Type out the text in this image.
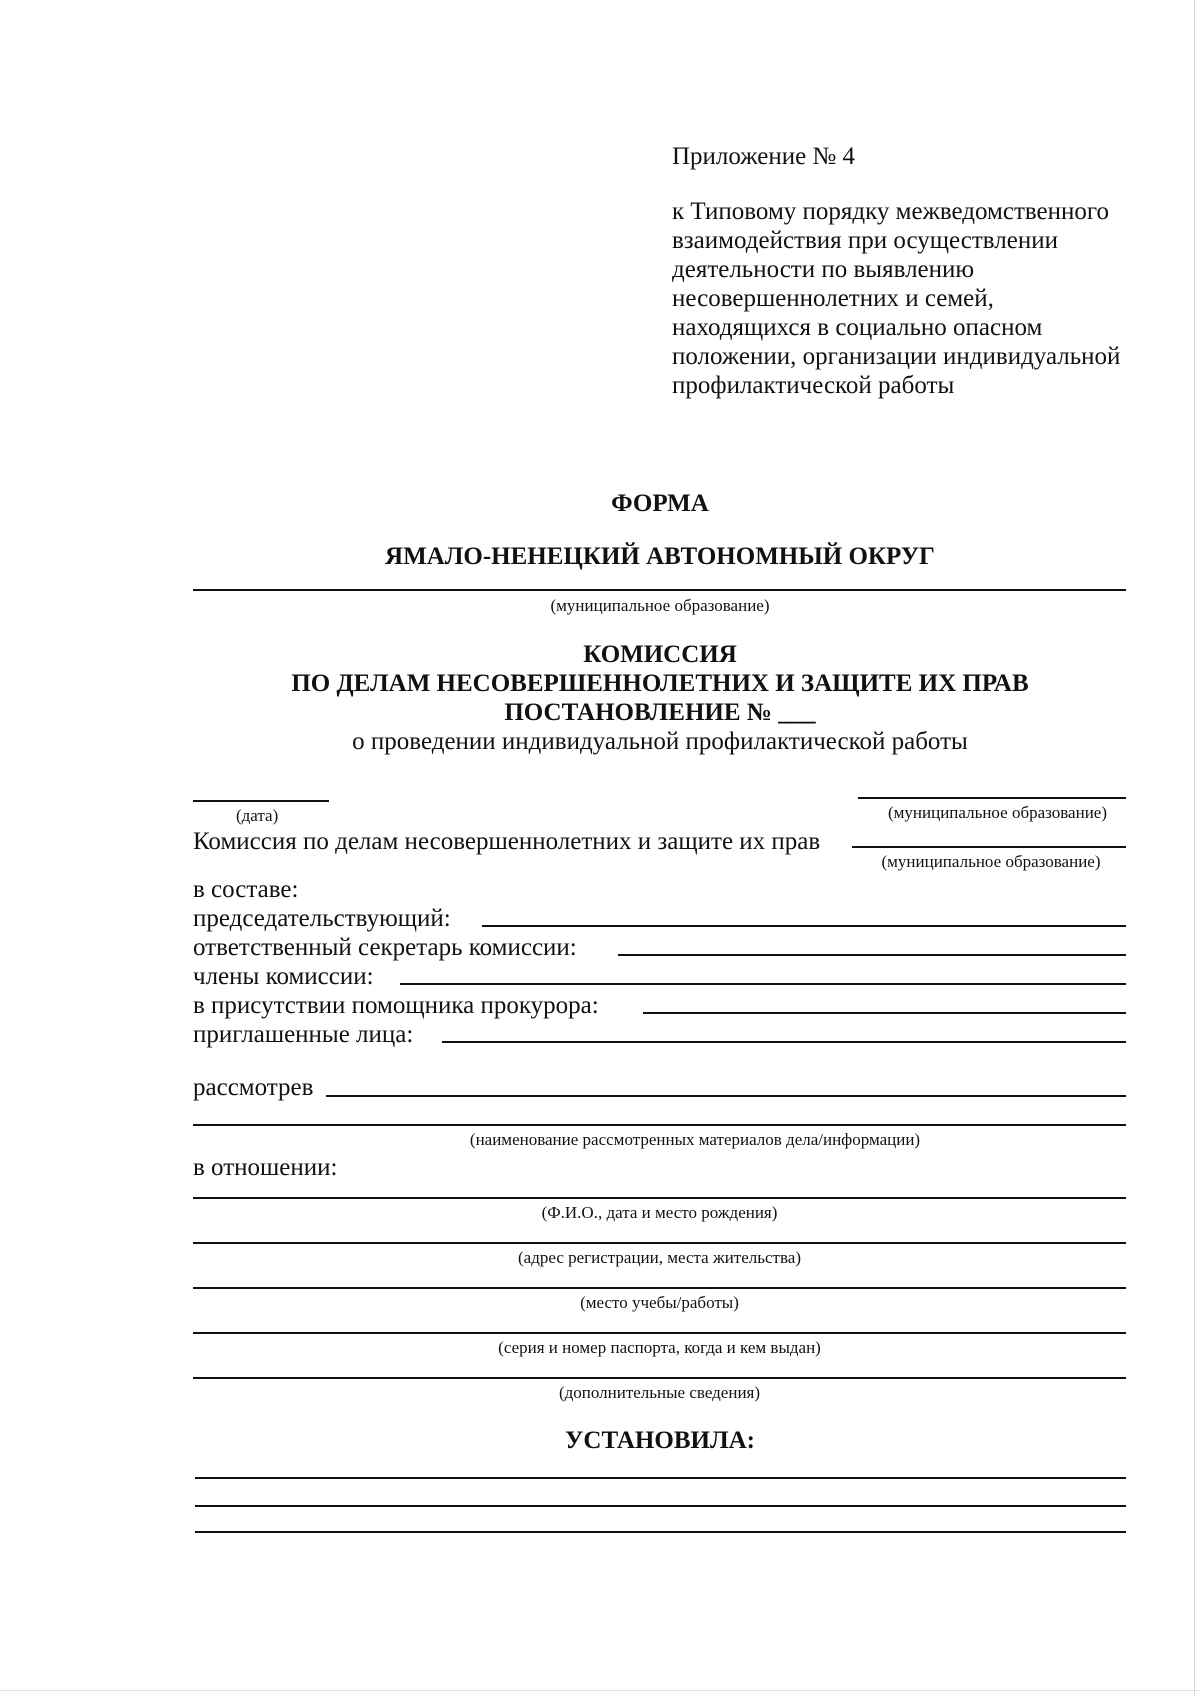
Приложение № 4

к Типовому порядку межведомственного взаимодействия при осуществлении деятельности по выявлению несовершеннолетних и семей, находящихся в социально опасном положении, организации индивидуальной профилактической работы

ФОРМА
ЯМАЛО-НЕНЕЦКИЙ АВТОНОМНЫЙ ОКРУГ
(муниципальное образование)
КОМИССИЯ
ПО ДЕЛАМ НЕСОВЕРШЕННОЛЕТНИХ И ЗАЩИТЕ ИХ ПРАВ
ПОСТАНОВЛЕНИЕ № ___
о проведении индивидуальной профилактической работы
(дата)	(муниципальное образование)
Комиссия по делам несовершеннолетних и защите их прав
(муниципальное образование)
в составе:
председательствующий:
ответственный секретарь комиссии:
члены комиссии:
в присутствии помощника прокурора:
приглашенные лица:
рассмотрев
(наименование рассмотренных материалов дела/информации)
в отношении:
(Ф.И.О., дата и место рождения)
(адрес регистрации, места жительства)
(место учебы/работы)
(серия и номер паспорта, когда и кем выдан)
(дополнительные сведения)
УСТАНОВИЛА:
